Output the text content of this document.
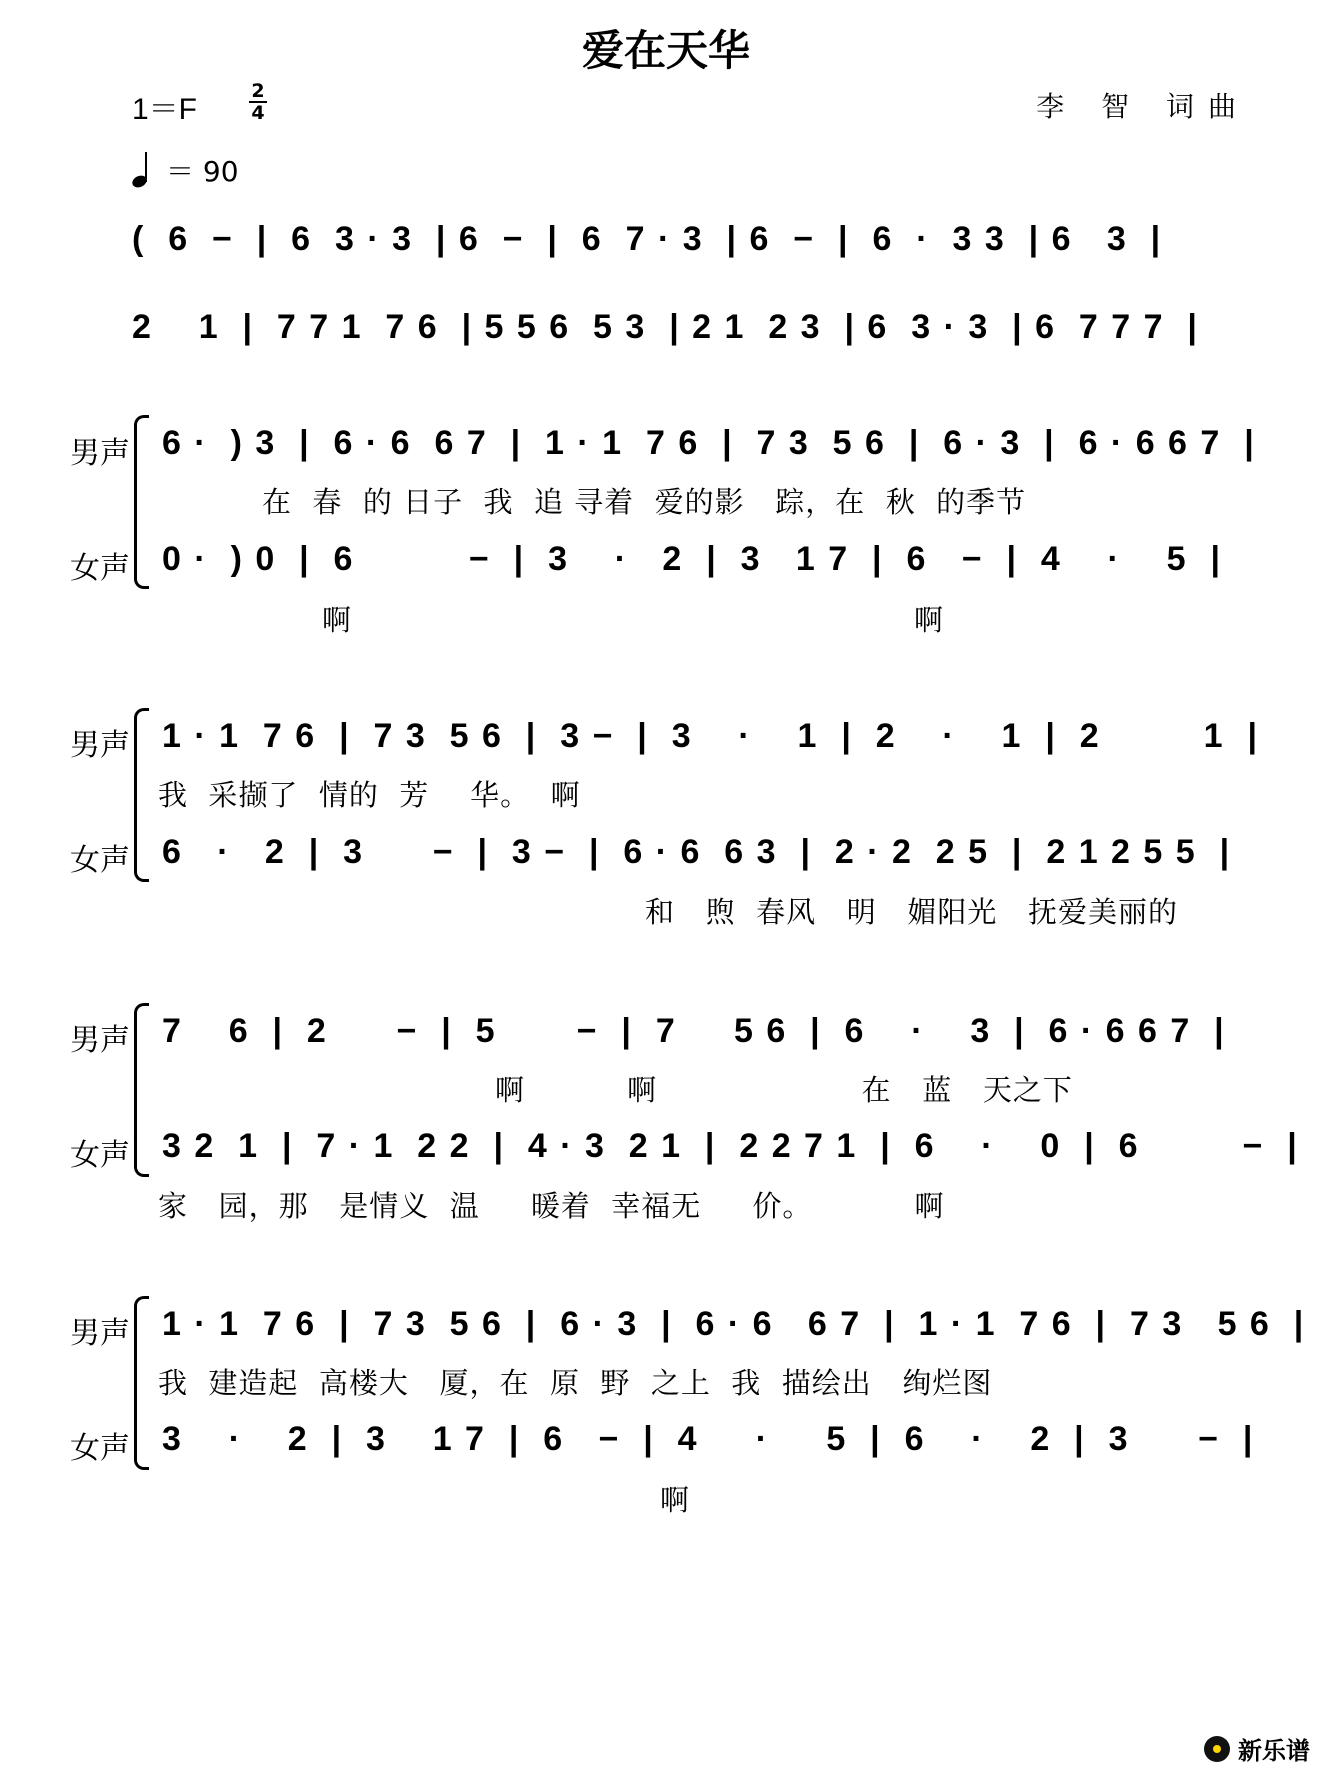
爱在天华
李 智 词曲
1＝F
2
4
＝ 90
(  6  −  |  6  3 · 3  | 6  −  |  6  7 · 3  | 6  −  |  6  ·  3 3  | 6   3  |
2    1  |  7 7 1  7 6  | 5 5 6  5 3  | 2 1  2 3  | 6  3 · 3  | 6  7 7 7  |
男声
女声
6 ·  ) 3  |  6 · 6  6 7  |  1 · 1  7 6  |  7 3  5 6  |  6 · 3  |  6 · 6 6 7  |
在  春  的 日子  我  追 寻着  爱的影   踪，在  秋  的季节
0 ·  ) 0  |  6          −  |  3    ·   2  |  3   1 7  |  6   −  |  4    ·    5  |
啊                                                       啊
男声
女声
1 · 1  7 6  |  7 3  5 6  |  3 −  |  3    ·    1  |  2    ·    1  |  2         1  |
我  采撷了  情的  芳    华。  啊
6   ·   2  |  3      −  |  3 −  |  6 · 6  6 3  |  2 · 2  2 5  |  2 1 2 5 5  |
和   煦  春风   明   媚阳光   抚爱美丽的
男声
女声
7    6  |  2      −  |  5       −  |  7     5 6  |  6    ·    3  |  6 · 6 6 7  |
啊          啊                    在   蓝   天之下
3 2  1  |  7 · 1  2 2  |  4 · 3  2 1  |  2 2 7 1  |  6    ·    0  |  6         −  |
家   园，那   是情义  温     暖着  幸福无     价。          啊
男声
女声
1 · 1  7 6  |  7 3  5 6  |  6 · 3  |  6 · 6   6 7  |  1 · 1  7 6  |  7 3   5 6  |
我  建造起  高楼大   厦，在  原  野  之上  我  描绘出   绚烂图
3    ·    2  |  3    1 7  |  6   −  |  4     ·     5  |  6    ·    2  |  3      −  |
啊
新乐谱
